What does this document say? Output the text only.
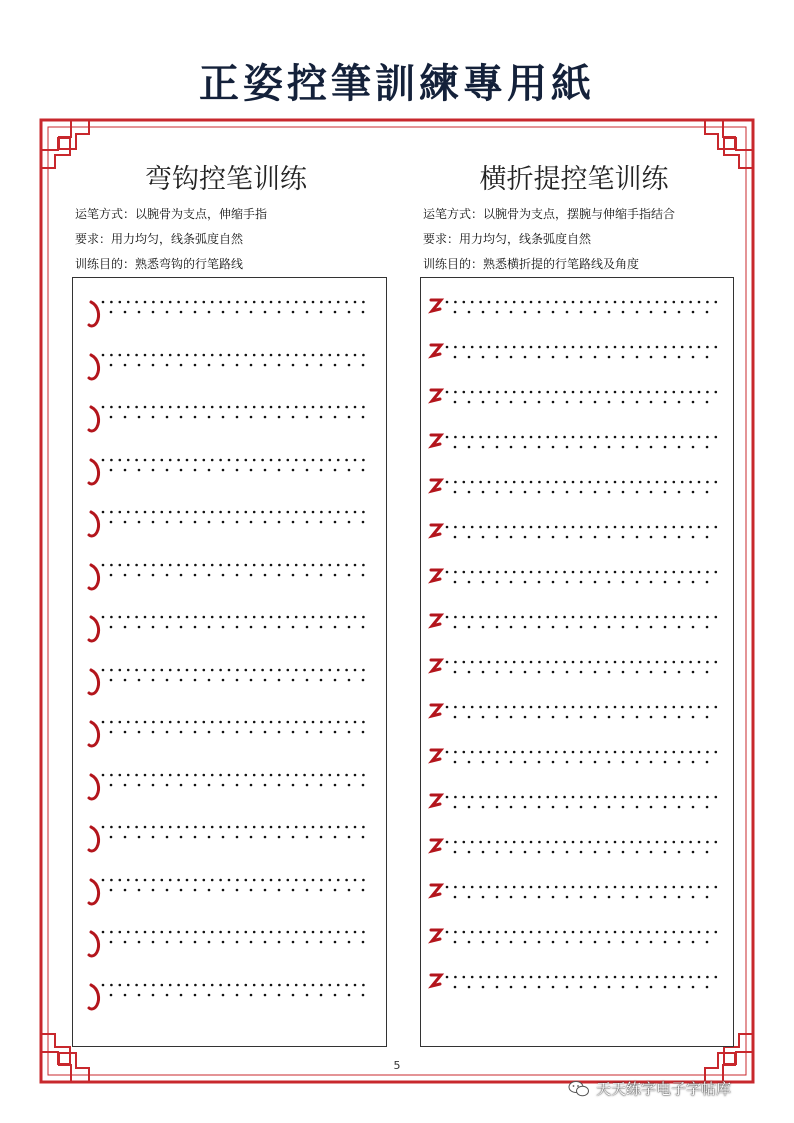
正姿控筆訓練專用紙
弯钩控笔训练
运笔方式：以腕骨为支点，伸缩手指
要求：用力均匀，线条弧度自然
训练目的：熟悉弯钩的行笔路线
横折提控笔训练
运笔方式：以腕骨为支点，摆腕与伸缩手指结合
要求：用力均匀，线条弧度自然
训练目的：熟悉横折提的行笔路线及角度
5
天天练字电子字帖库
